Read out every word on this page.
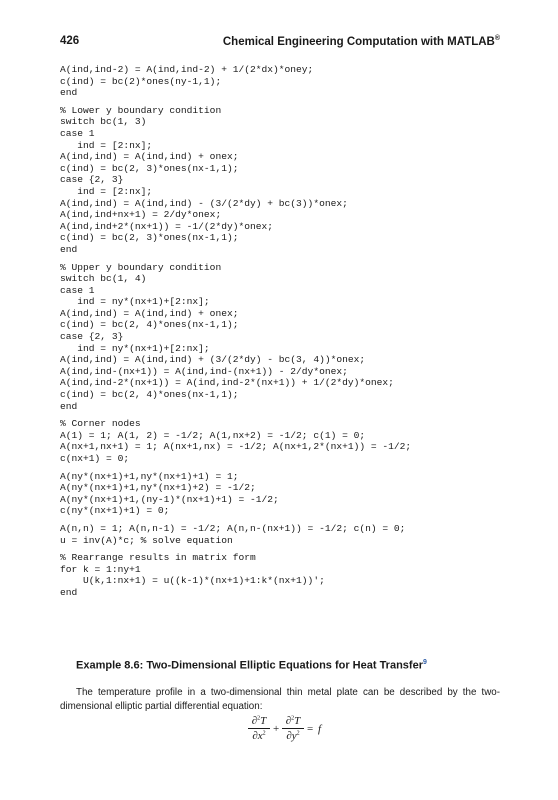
426	Chemical Engineering Computation with MATLAB®
A(ind,ind-2) = A(ind,ind-2) + 1/(2*dx)*oney;
c(ind) = bc(2)*ones(ny-1,1);
end
% Lower y boundary condition
switch bc(1, 3)
case 1
ind = [2:nx];
A(ind,ind) = A(ind,ind) + onex;
c(ind) = bc(2, 3)*ones(nx-1,1);
case {2, 3}
ind = [2:nx];
A(ind,ind) = A(ind,ind) - (3/(2*dy) + bc(3))*onex;
A(ind,ind+nx+1) = 2/dy*onex;
A(ind,ind+2*(nx+1)) = -1/(2*dy)*onex;
c(ind) = bc(2, 3)*ones(nx-1,1);
end
% Upper y boundary condition
switch bc(1, 4)
case 1
ind = ny*(nx+1)+[2:nx];
A(ind,ind) = A(ind,ind) + onex;
c(ind) = bc(2, 4)*ones(nx-1,1);
case {2, 3}
ind = ny*(nx+1)+[2:nx];
A(ind,ind) = A(ind,ind) + (3/(2*dy) - bc(3, 4))*onex;
A(ind,ind-(nx+1)) = A(ind,ind-(nx+1)) - 2/dy*onex;
A(ind,ind-2*(nx+1)) = A(ind,ind-2*(nx+1)) + 1/(2*dy)*onex;
c(ind) = bc(2, 4)*ones(nx-1,1);
end
% Corner nodes
A(1) = 1; A(1, 2) = -1/2; A(1,nx+2) = -1/2; c(1) = 0;
A(nx+1,nx+1) = 1; A(nx+1,nx) = -1/2; A(nx+1,2*(nx+1)) = -1/2;
c(nx+1) = 0;
A(ny*(nx+1)+1,ny*(nx+1)+1) = 1;
A(ny*(nx+1)+1,ny*(nx+1)+2) = -1/2;
A(ny*(nx+1)+1,(ny-1)*(nx+1)+1) = -1/2;
c(ny*(nx+1)+1) = 0;
A(n,n) = 1; A(n,n-1) = -1/2; A(n,n-(nx+1)) = -1/2; c(n) = 0;
u = inv(A)*c; % solve equation
% Rearrange results in matrix form
for k = 1:ny+1
U(k,1:nx+1) = u((k-1)*(nx+1)+1:k*(nx+1))';
end
Example 8.6: Two-Dimensional Elliptic Equations for Heat Transfer$^9$
The temperature profile in a two-dimensional thin metal plate can be described by the two-dimensional elliptic partial differential equation:
$\frac{\partial^2T}{\partial x^2} + \frac{\partial^2T}{\partial y^2} = f$
